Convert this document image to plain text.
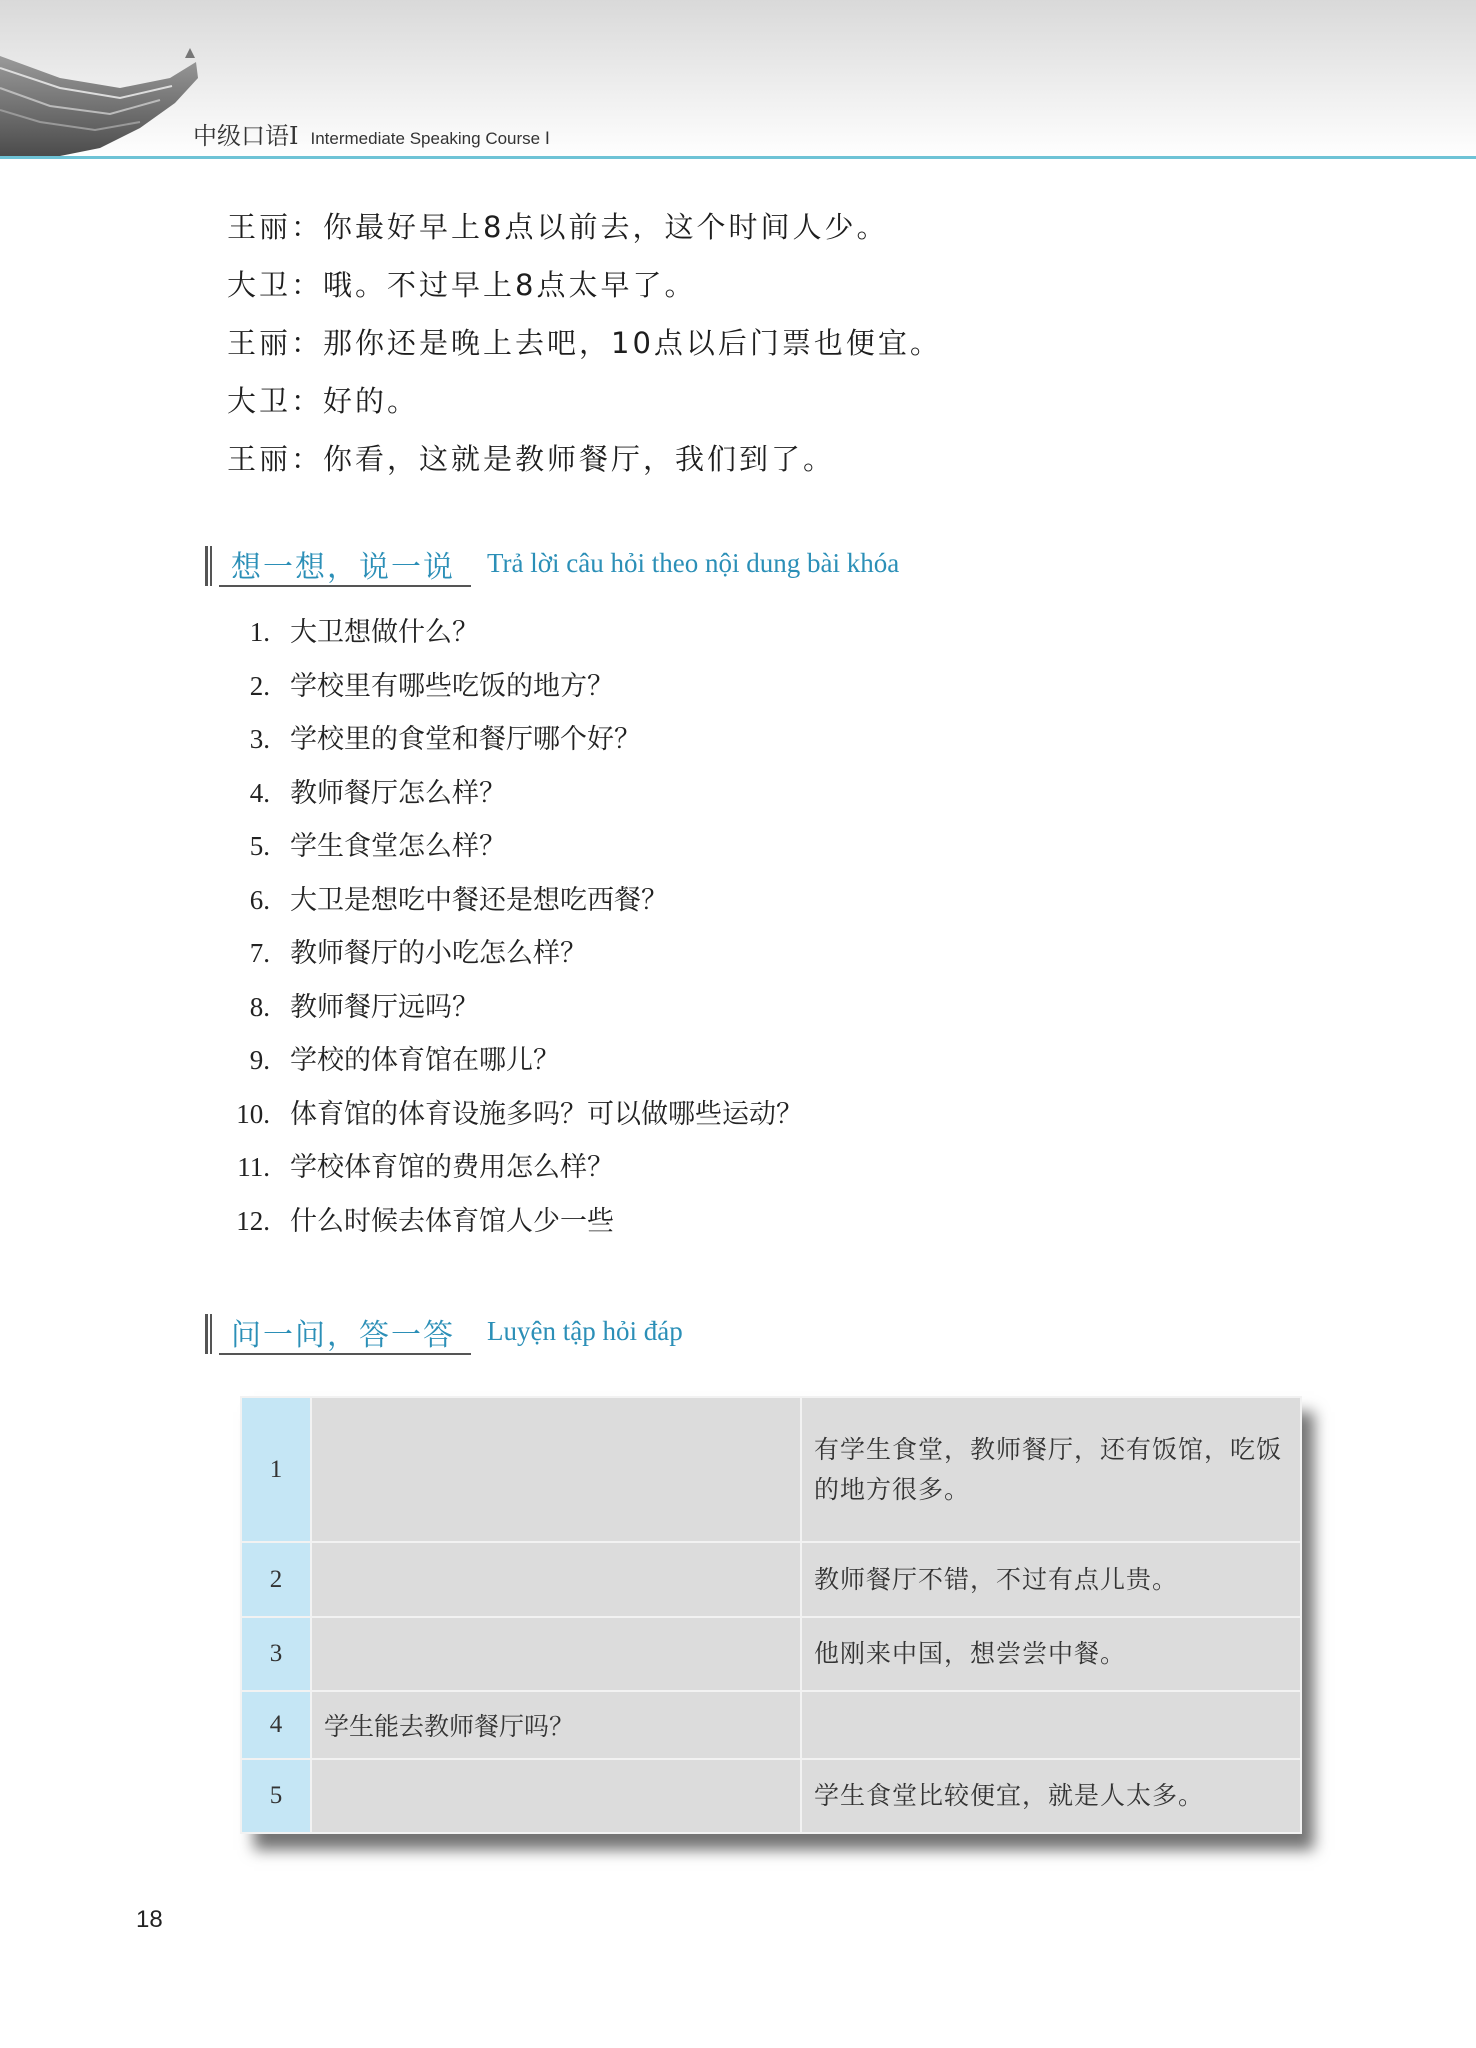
中级口语Ⅰ Intermediate Speaking Course Ⅰ
王丽：你最好早上8点以前去，这个时间人少。
大卫：哦。不过早上8点太早了。
王丽：那你还是晚上去吧，10点以后门票也便宜。
大卫：好的。
王丽：你看，这就是教师餐厅，我们到了。
想一想，说一说 Trả lời câu hỏi theo nội dung bài khóa
1. 大卫想做什么？
2. 学校里有哪些吃饭的地方？
3. 学校里的食堂和餐厅哪个好？
4. 教师餐厅怎么样？
5. 学生食堂怎么样？
6. 大卫是想吃中餐还是想吃西餐？
7. 教师餐厅的小吃怎么样？
8. 教师餐厅远吗？
9. 学校的体育馆在哪儿？
10. 体育馆的体育设施多吗？可以做哪些运动？
11. 学校体育馆的费用怎么样？
12. 什么时候去体育馆人少一些
问一问，答一答 Luyện tập hỏi đáp
1		有学生食堂，教师餐厅，还有饭馆，吃饭的地方很多。
2		教师餐厅不错，不过有点儿贵。
3		他刚来中国，想尝尝中餐。
4	学生能去教师餐厅吗？	
5		学生食堂比较便宜，就是人太多。
18
